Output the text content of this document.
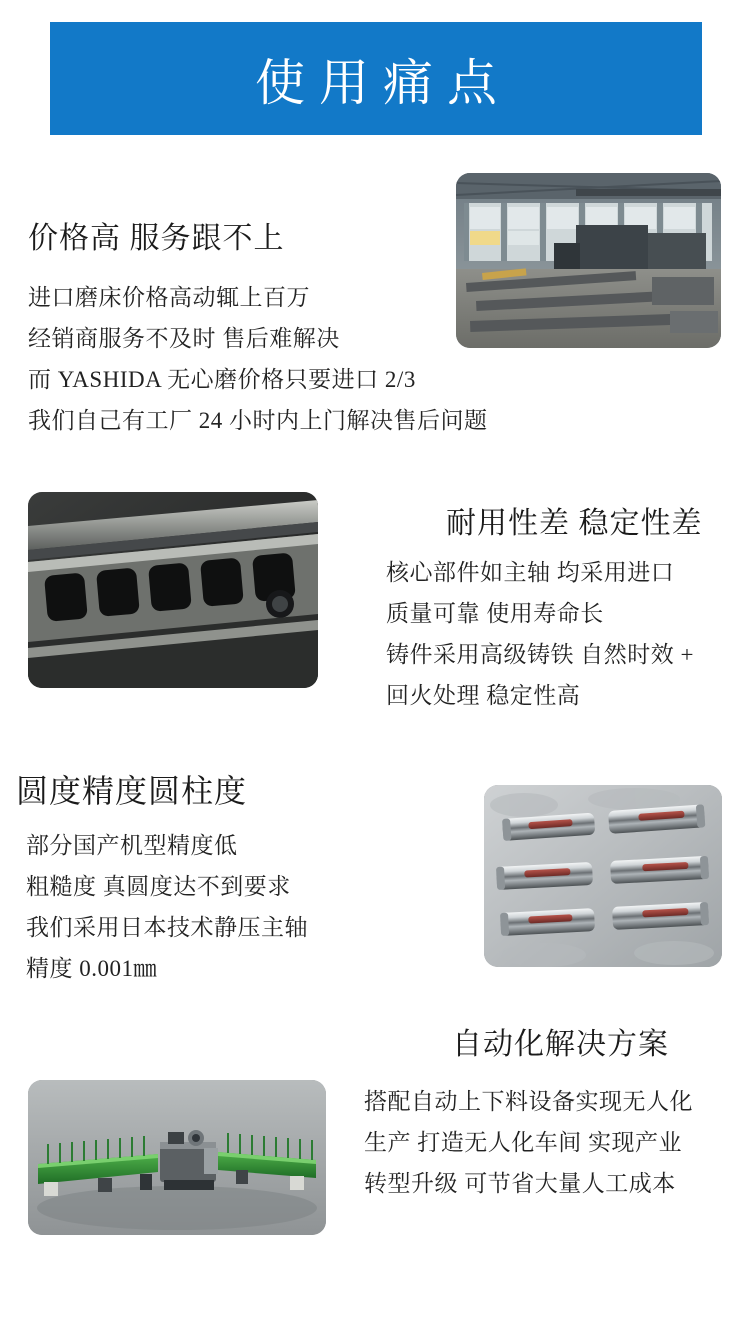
使用痛点
价格高 服务跟不上
进口磨床价格高动辄上百万
经销商服务不及时 售后难解决
而 YASHIDA 无心磨价格只要进口 2/3
我们自己有工厂 24 小时内上门解决售后问题
耐用性差 稳定性差
核心部件如主轴 均采用进口
质量可靠 使用寿命长
铸件采用高级铸铁 自然时效 +
回火处理 稳定性高
圆度精度圆柱度
部分国产机型精度低
粗糙度 真圆度达不到要求
我们采用日本技术静压主轴
精度 0.001㎜
自动化解决方案
搭配自动上下料设备实现无人化
生产 打造无人化车间 实现产业
转型升级 可节省大量人工成本
